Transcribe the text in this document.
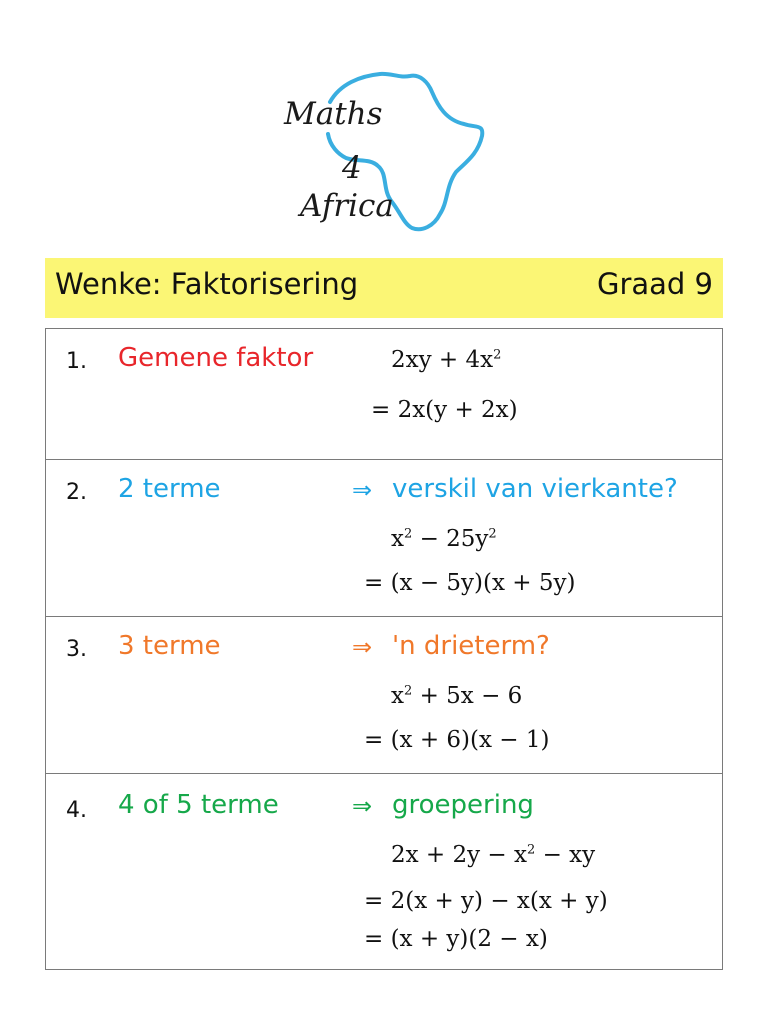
Maths
4
Africa
Wenke: Faktorisering	Graad 9
1. Gemene faktor	$2xy + 4x^2$
= 2x(y + 2x)
2. 2 terme	⇒ verskil van vierkante?
$x^2 - 25y^2$
= (x − 5y)(x + 5y)
3. 3 terme	⇒ 'n drieterm?
$x^2 + 5x - 6$
= (x + 6)(x − 1)
4. 4 of 5 terme	⇒ groepering
$2x + 2y - x^2$ − xy
= 2(x + y) − x(x + y)
= (x + y)(2 − x)
